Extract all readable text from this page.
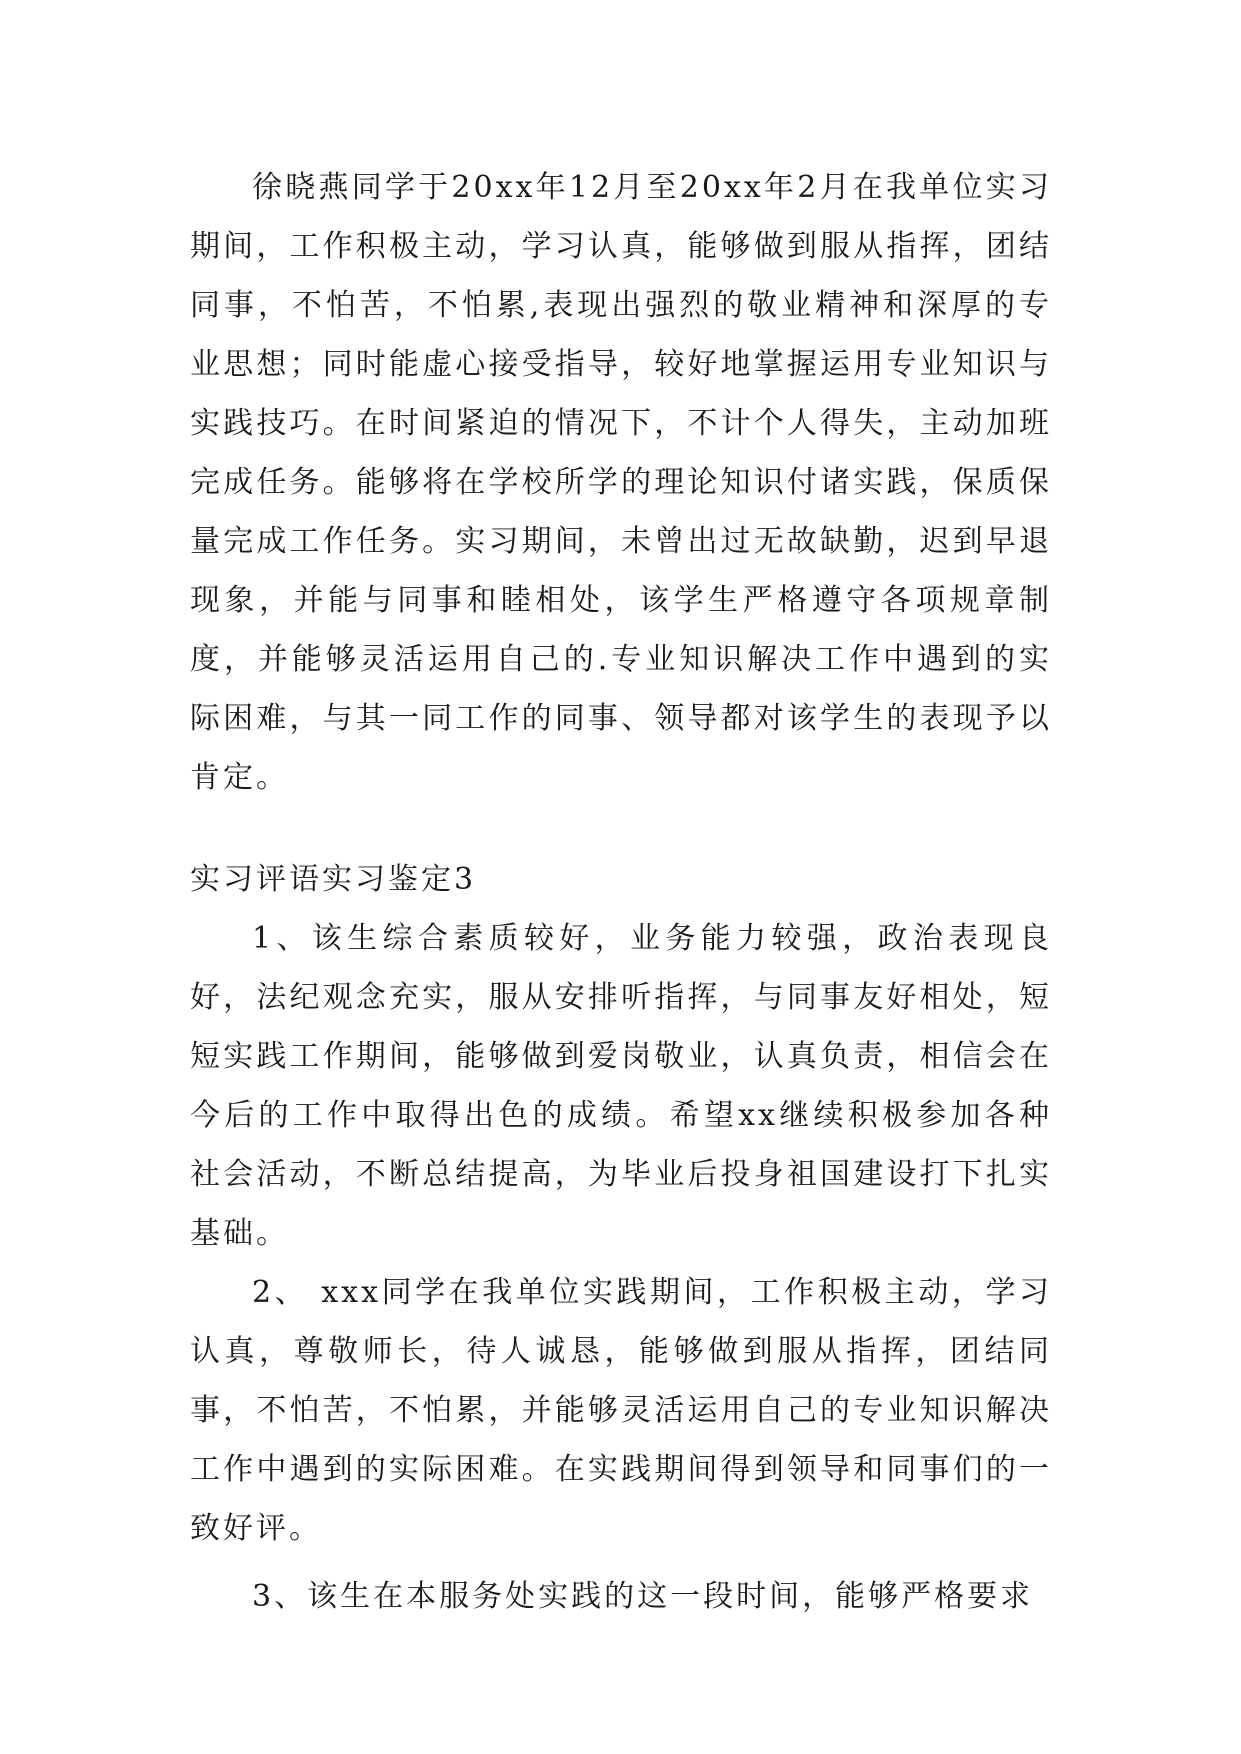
徐晓燕同学于20xx年12月至20xx年2月在我单位实习期间，工作积极主动，学习认真，能够做到服从指挥，团结同事，不怕苦，不怕累,表现出强烈的敬业精神和深厚的专业思想；同时能虚心接受指导，较好地掌握运用专业知识与实践技巧。在时间紧迫的情况下，不计个人得失，主动加班完成任务。能够将在学校所学的理论知识付诸实践，保质保量完成工作任务。实习期间，未曾出过无故缺勤，迟到早退现象，并能与同事和睦相处，该学生严格遵守各项规章制度，并能够灵活运用自己的.专业知识解决工作中遇到的实际困难，与其一同工作的同事、领导都对该学生的表现予以肯定。

实习评语实习鉴定3

1、该生综合素质较好，业务能力较强，政治表现良好，法纪观念充实，服从安排听指挥，与同事友好相处，短短实践工作期间，能够做到爱岗敬业，认真负责，相信会在今后的工作中取得出色的成绩。希望xx继续积极参加各种社会活动，不断总结提高，为毕业后投身祖国建设打下扎实基础。

2、 xxx同学在我单位实践期间，工作积极主动，学习认真，尊敬师长，待人诚恳，能够做到服从指挥，团结同事，不怕苦，不怕累，并能够灵活运用自己的专业知识解决工作中遇到的实际困难。在实践期间得到领导和同事们的一致好评。

3、该生在本服务处实践的这一段时间，能够严格要求
